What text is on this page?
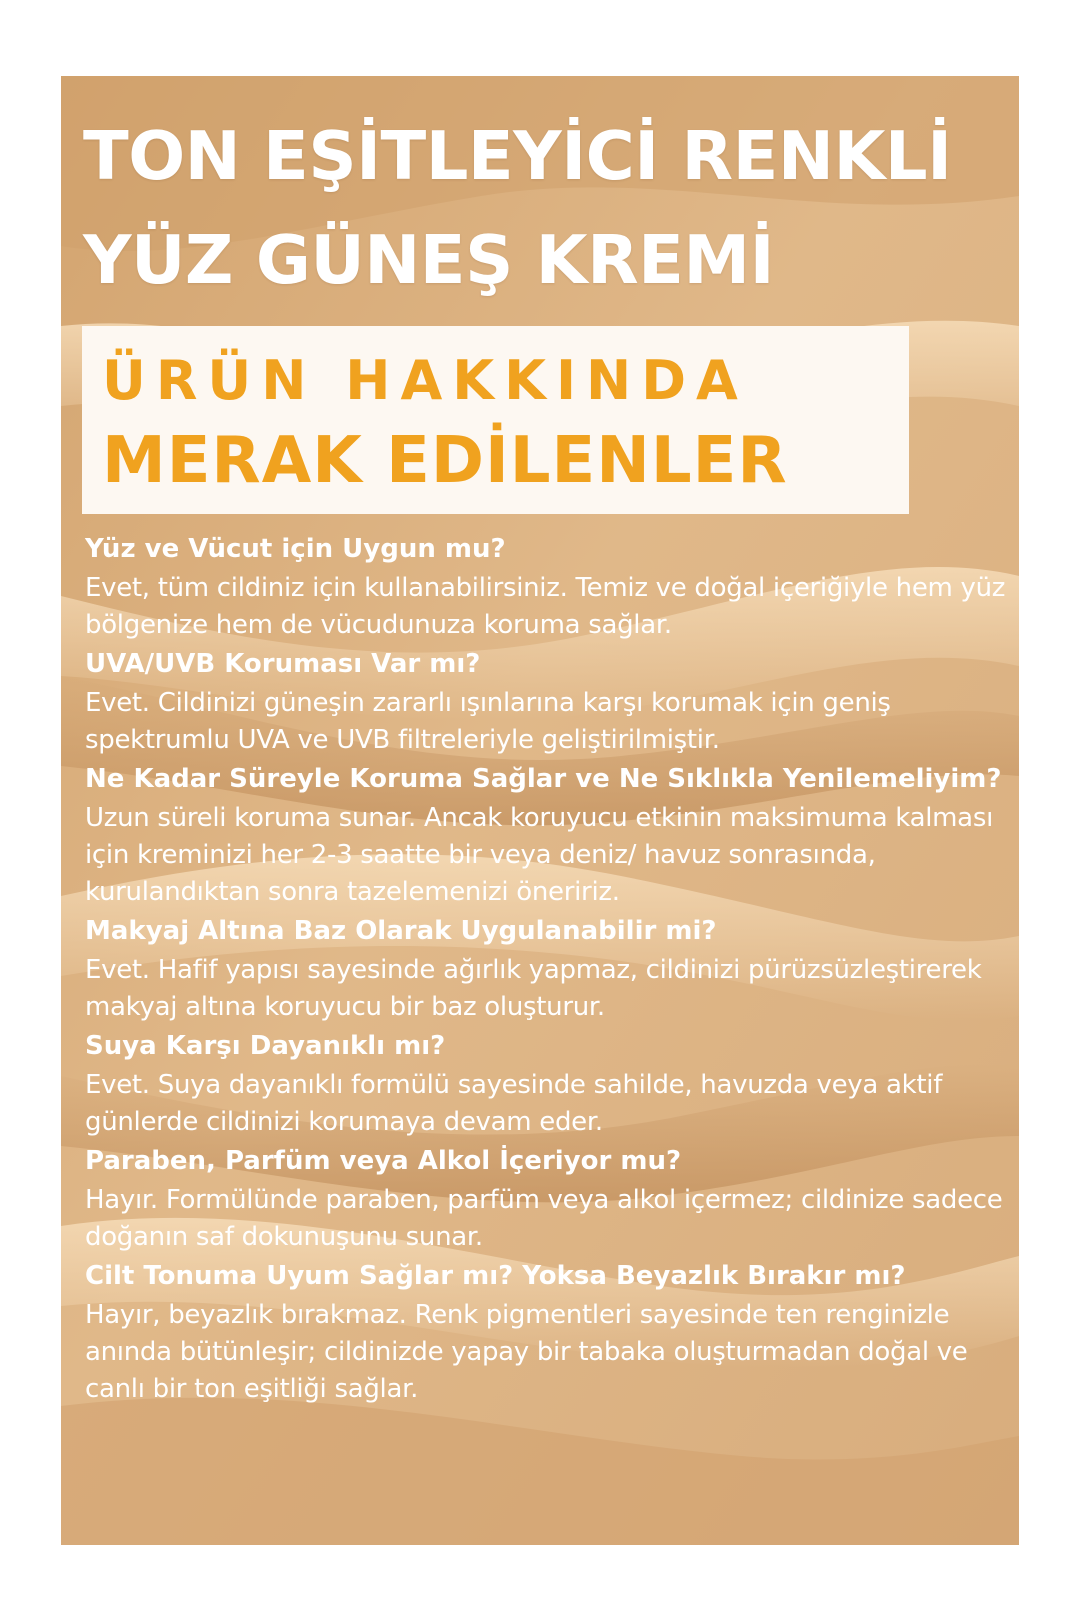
TON EŞİTLEYİCİ RENKLİ
YÜZ GÜNEŞ KREMİ

ÜRÜN HAKKINDA

MERAK EDİLENLER

Yüz ve Vücut için Uygun mu?

Evet, tüm cildiniz için kullanabilirsiniz. Temiz ve doğal içeriğiyle hem yüz bölgenize hem de vücudunuza koruma sağlar.

UVA/UVB Koruması Var mı?

Evet. Cildinizi güneşin zararlı ışınlarına karşı korumak için geniş spektrumlu UVA ve UVB filtreleriyle geliştirilmiştir.

Ne Kadar Süreyle Koruma Sağlar ve Ne Sıklıkla Yenilemeliyim?

Uzun süreli koruma sunar. Ancak koruyucu etkinin maksimuma kalması için kreminizi her 2-3 saatte bir veya deniz/ havuz sonrasında, kurulandıktan sonra tazelemenizi öneririz.

Makyaj Altına Baz Olarak Uygulanabilir mi?

Evet. Hafif yapısı sayesinde ağırlık yapmaz, cildinizi pürüzsüzleştirerek makyaj altına koruyucu bir baz oluşturur.

Suya Karşı Dayanıklı mı?

Evet. Suya dayanıklı formülü sayesinde sahilde, havuzda veya aktif günlerde cildinizi korumaya devam eder.

Paraben, Parfüm veya Alkol İçeriyor mu?

Hayır. Formülünde paraben, parfüm veya alkol içermez; cildinize sadece doğanın saf dokunuşunu sunar.

Cilt Tonuma Uyum Sağlar mı? Yoksa Beyazlık Bırakır mı?

Hayır, beyazlık bırakmaz. Renk pigmentleri sayesinde ten renginizle anında bütünleşir; cildinizde yapay bir tabaka oluşturmadan doğal ve canlı bir ton eşitliği sağlar.
